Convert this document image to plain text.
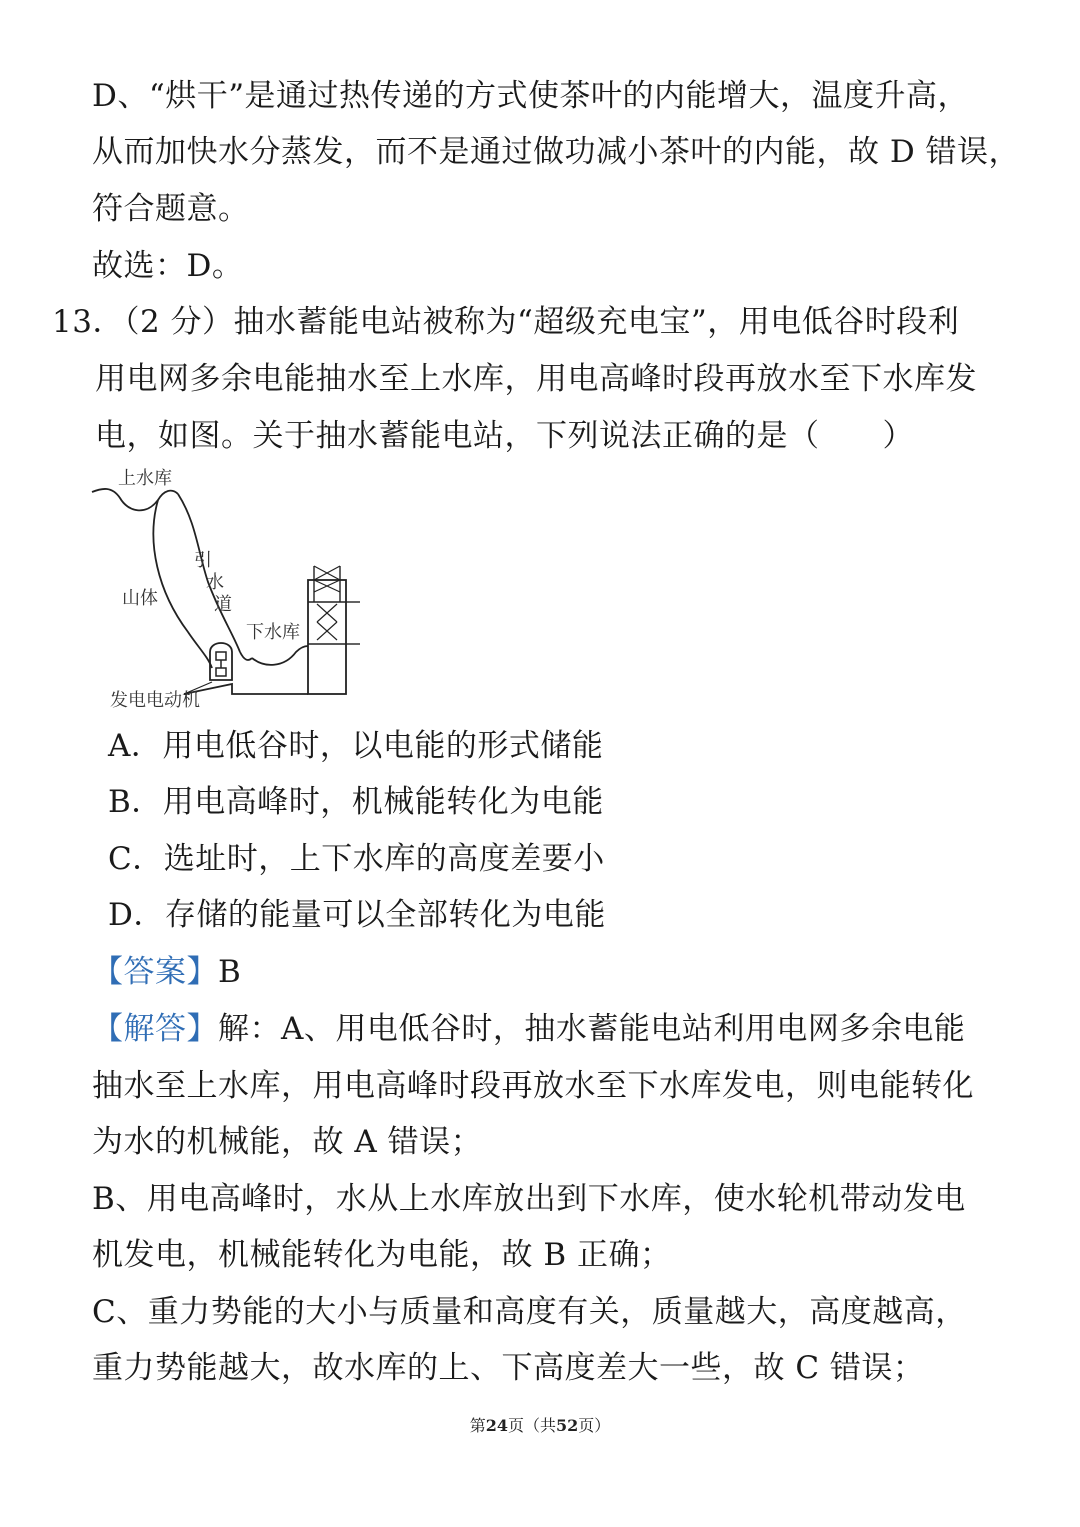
D、“烘干”是通过热传递的方式使茶叶的内能增大，温度升高，
从而加快水分蒸发，而不是通过做功减小茶叶的内能，故 D 错误，
符合题意。
故选：D。
13．（2 分）抽水蓄能电站被称为“超级充电宝”，用电低谷时段利
用电网多余电能抽水至上水库，用电高峰时段再放水至下水库发
电，如图。关于抽水蓄能电站，下列说法正确的是（　　）
上水库
山体
引
水
道
下水库
发电电动机
A．用电低谷时，以电能的形式储能
B．用电高峰时，机械能转化为电能
C．选址时，上下水库的高度差要小
D．存储的能量可以全部转化为电能
【答案】B
【解答】解：A、用电低谷时，抽水蓄能电站利用电网多余电能
抽水至上水库，用电高峰时段再放水至下水库发电，则电能转化
为水的机械能，故 A 错误；
B、用电高峰时，水从上水库放出到下水库，使水轮机带动发电
机发电，机械能转化为电能，故 B 正确；
C、重力势能的大小与质量和高度有关，质量越大，高度越高，
重力势能越大，故水库的上、下高度差大一些，故 C 错误；
第24页（共52页）
